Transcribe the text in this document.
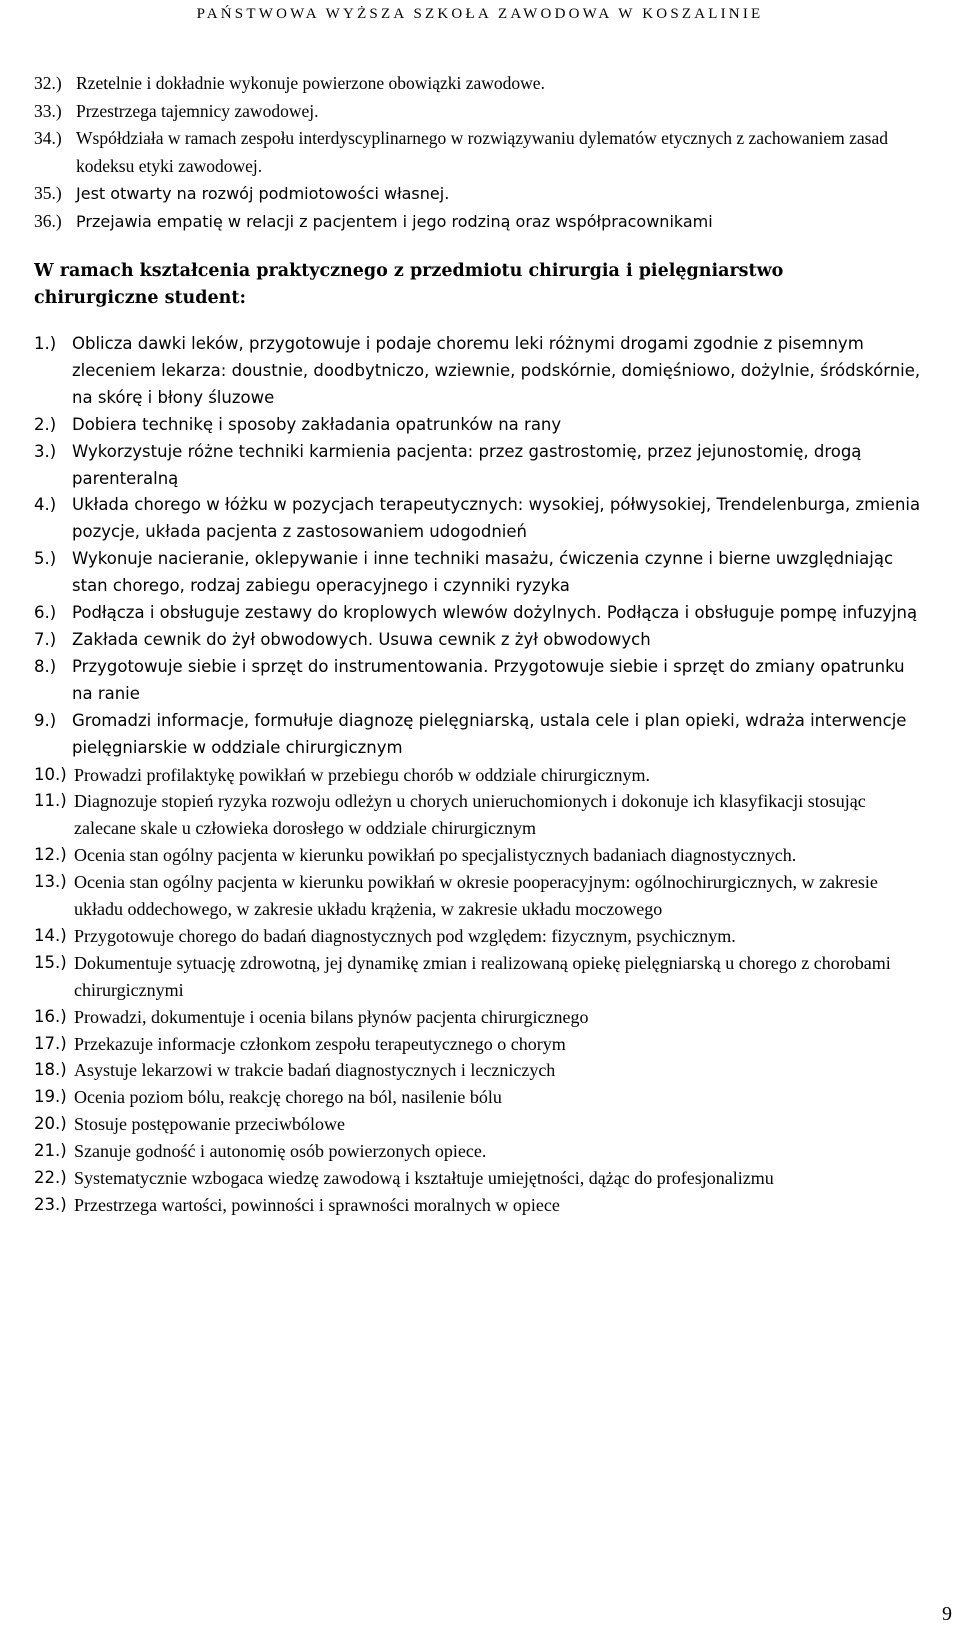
PAŃSTWOWA WYŻSZA SZKOŁA ZAWODOWA W KOSZALINIE
32.) Rzetelnie i dokładnie wykonuje powierzone obowiązki zawodowe.
33.) Przestrzega tajemnicy zawodowej.
34.) Współdziała w ramach zespołu interdyscyplinarnego w rozwiązywaniu dylematów etycznych z zachowaniem zasad kodeksu etyki zawodowej.
35.) Jest otwarty na rozwój podmiotowości własnej.
36.) Przejawia empatię w relacji z pacjentem i jego rodziną oraz współpracownikami
W ramach kształcenia praktycznego z przedmiotu chirurgia i pielęgniarstwo chirurgiczne student:
1.) Oblicza dawki leków, przygotowuje i podaje choremu leki różnymi drogami zgodnie z pisemnym zleceniem lekarza: doustnie, doodbytniczo, wziewnie, podskórnie, domięśniowo, dożylnie, śródskórnie, na skórę i błony śluzowe
2.) Dobiera technikę i sposoby zakładania opatrunków na rany
3.) Wykorzystuje różne techniki karmienia pacjenta: przez gastrostomię, przez jejunostomię, drogą parenteralną
4.) Układa chorego w łóżku w pozycjach terapeutycznych: wysokiej, półwysokiej, Trendelenburga, zmienia pozycje, układa pacjenta z zastosowaniem udogodnień
5.) Wykonuje nacieranie, oklepywanie i inne techniki masażu, ćwiczenia czynne i bierne uwzględniając stan chorego, rodzaj zabiegu operacyjnego i czynniki ryzyka
6.) Podłącza i obsługuje zestawy do kroplowych wlewów dożylnych. Podłącza i obsługuje pompę infuzyjną
7.) Zakłada cewnik do żył obwodowych. Usuwa cewnik z żył obwodowych
8.) Przygotowuje siebie i sprzęt do instrumentowania. Przygotowuje siebie i sprzęt do zmiany opatrunku na ranie
9.) Gromadzi informacje, formułuje diagnozę pielęgniarską, ustala cele i plan opieki, wdraża interwencje pielęgniarskie w oddziale chirurgicznym
10.) Prowadzi profilaktykę powikłań w przebiegu chorób w oddziale chirurgicznym.
11.) Diagnozuje stopień ryzyka rozwoju odleżyn u chorych unieruchomionych i dokonuje ich klasyfikacji stosując zalecane skale u człowieka dorosłego w oddziale chirurgicznym
12.) Ocenia stan ogólny pacjenta w kierunku powikłań po specjalistycznych badaniach diagnostycznych.
13.) Ocenia stan ogólny pacjenta w kierunku powikłań w okresie pooperacyjnym: ogólnochirurgicznych, w zakresie układu oddechowego, w zakresie układu krążenia, w zakresie układu moczowego
14.) Przygotowuje chorego do badań diagnostycznych pod względem: fizycznym, psychicznym.
15.) Dokumentuje sytuację zdrowotną, jej dynamikę zmian i realizowaną opiekę pielęgniarską u chorego z chorobami chirurgicznymi
16.) Prowadzi, dokumentuje i ocenia bilans płynów pacjenta chirurgicznego
17.) Przekazuje informacje członkom zespołu terapeutycznego o chorym
18.) Asystuje lekarzowi w trakcie badań diagnostycznych i leczniczych
19.) Ocenia poziom bólu, reakcję chorego na ból, nasilenie bólu
20.) Stosuje postępowanie przeciwbólowe
21.) Szanuje godność i autonomię osób powierzonych opiece.
22.) Systematycznie wzbogaca wiedzę zawodową i kształtuje umiejętności, dążąc do profesjonalizmu
23.) Przestrzega wartości, powinności i sprawności moralnych w opiece
9
